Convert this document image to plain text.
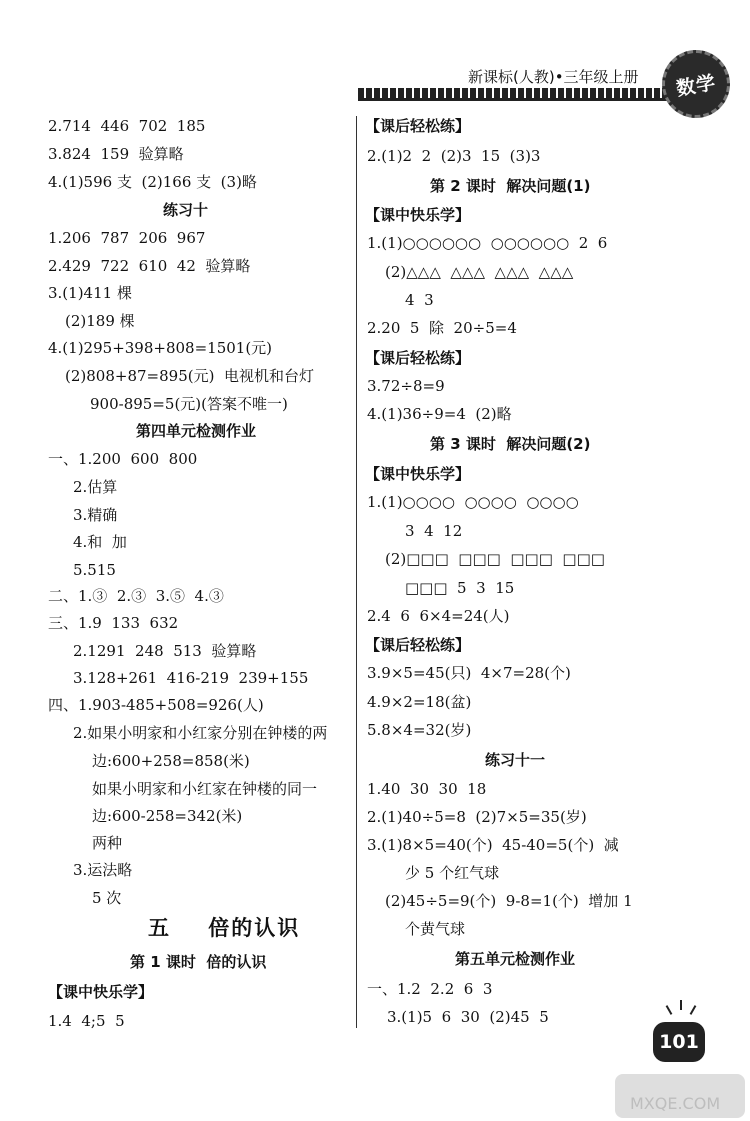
新课标(人教)•三年级上册 数学
2.714  446  702  185
3.824  159  验算略
4.(1)596 支  (2)166 支  (3)略
练习十
1.206  787  206  967
2.429  722  610  42  验算略
3.(1)411 棵
(2)189 棵
4.(1)295+398+808=1501(元)
(2)808+87=895(元)  电视机和台灯
900-895=5(元)(答案不唯一)
第四单元检测作业
一、1.200  600  800
2.估算
3.精确
4.和  加
5.515
二、1.③  2.③  3.⑤  4.③
三、1.9  133  632
2.1291  248  513  验算略
3.128+261  416-219  239+155
四、1.903-485+508=926(人)
2.如果小明家和小红家分别在钟楼的两
边:600+258=858(米)
如果小明家和小红家在钟楼的同一
边:600-258=342(米)
两种
3.运法略
5 次
五    倍的认识
第 1 课时  倍的认识
【课中快乐学】
1.4  4;5  5
【课后轻松练】
2.(1)2  2  (2)3  15  (3)3
第 2 课时  解决问题(1)
【课中快乐学】
1.(1)○○○○○○  ○○○○○○  2  6
(2)△△△  △△△  △△△  △△△
4  3
2.20  5  除  20÷5=4
【课后轻松练】
3.72÷8=9
4.(1)36÷9=4  (2)略
第 3 课时  解决问题(2)
【课中快乐学】
1.(1)○○○○  ○○○○  ○○○○
3  4  12
(2)□□□  □□□  □□□  □□□
□□□  5  3  15
2.4  6  6×4=24(人)
【课后轻松练】
3.9×5=45(只)  4×7=28(个)
4.9×2=18(盆)
5.8×4=32(岁)
练习十一
1.40  30  30  18
2.(1)40÷5=8  (2)7×5=35(岁)
3.(1)8×5=40(个)  45-40=5(个)  减
少 5 个红气球
(2)45÷5=9(个)  9-8=1(个)  增加 1
个黄气球
第五单元检测作业
一、1.2  2.2  6  3
3.(1)5  6  30  (2)45  5
101
MXQE.COM
